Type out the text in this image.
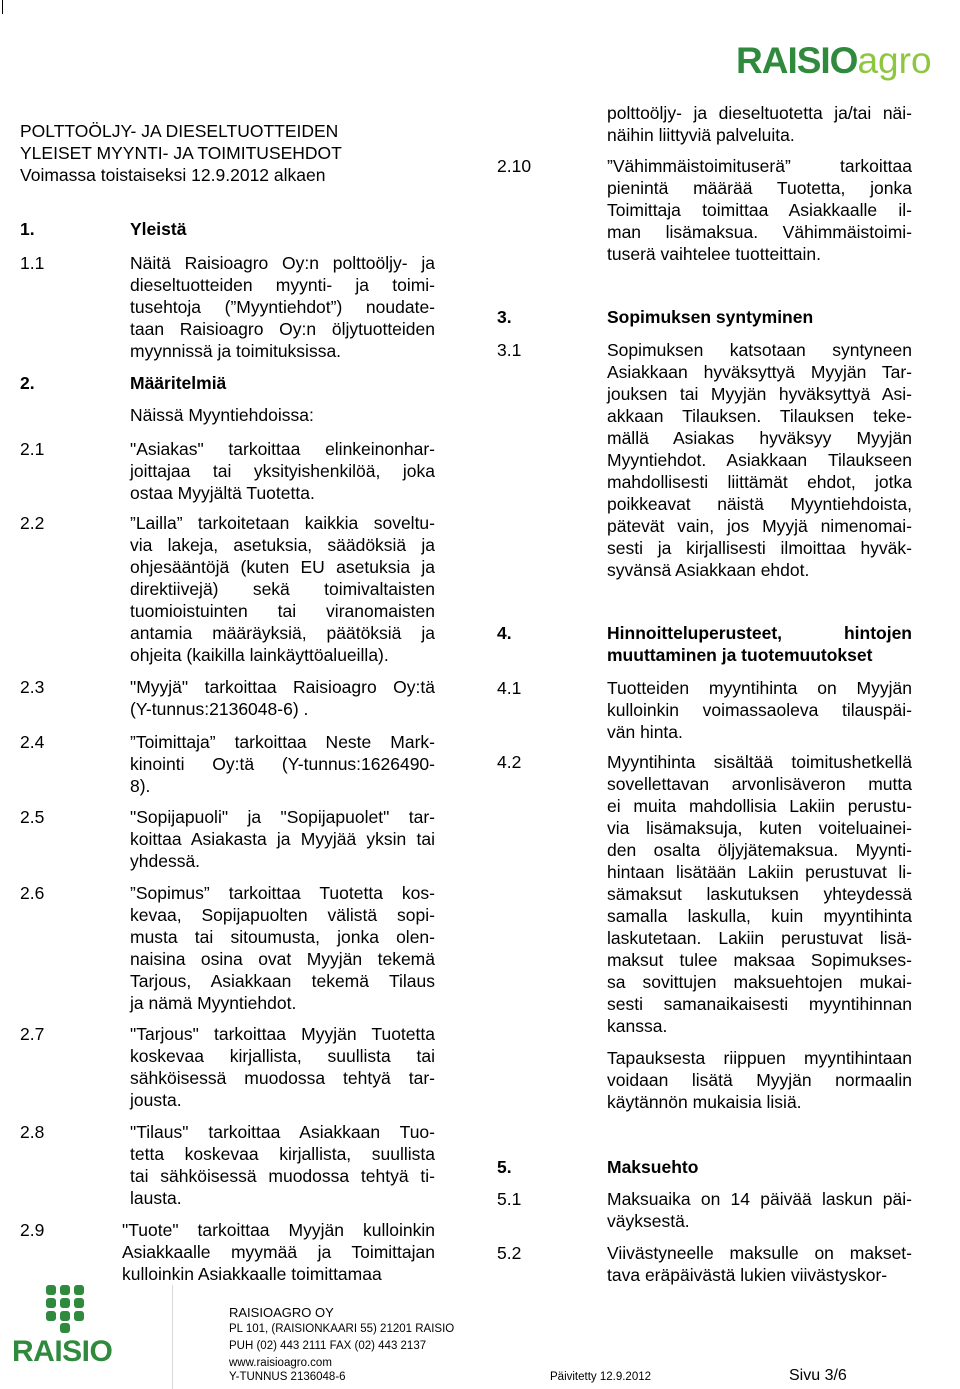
RAISIOagro
POLTTOÖLJY- JA DIESELTUOTTEIDEN
YLEISET MYYNTI- JA TOIMITUSEHDOT
Voimassa toistaiseksi 12.9.2012 alkaen
1.	Yleistä
1.1	Näitä Raisioagro Oy:n polttoöljy- ja
dieseltuotteiden myynti- ja toimi-
tusehtoja (”Myyntiehdot”) noudate-
taan Raisioagro Oy:n öljytuotteiden
myynnissä ja toimituksissa.
2.	Määritelmiä
Näissä Myyntiehdoissa:
2.1	"Asiakas" tarkoittaa elinkeinonhar-
joittajaa tai yksityishenkilöä, joka
ostaa Myyjältä Tuotetta.
2.2	”Lailla” tarkoitetaan kaikkia soveltu-
via lakeja, asetuksia, säädöksiä ja
ohjesääntöjä (kuten EU asetuksia ja
direktiivejä) sekä toimivaltaisten
tuomioistuinten tai viranomaisten
antamia määräyksiä, päätöksiä ja
ohjeita (kaikilla lainkäyttöalueilla).
2.3	"Myyjä" tarkoittaa Raisioagro Oy:tä
(Y-tunnus:2136048-6) .
2.4	”Toimittaja” tarkoittaa Neste Mark-
kinointi Oy:tä (Y-tunnus:1626490-
8).
2.5	"Sopijapuoli" ja "Sopijapuolet" tar-
koittaa Asiakasta ja Myyjää yksin tai
yhdessä.
2.6	”Sopimus” tarkoittaa Tuotetta kos-
kevaa, Sopijapuolten välistä sopi-
musta tai sitoumusta, jonka olen-
naisina osina ovat Myyjän tekemä
Tarjous, Asiakkaan tekemä Tilaus
ja nämä Myyntiehdot.
2.7	"Tarjous" tarkoittaa Myyjän Tuotetta
koskevaa kirjallista, suullista tai
sähköisessä muodossa tehtyä tar-
jousta.
2.8	"Tilaus" tarkoittaa Asiakkaan Tuo-
tetta koskevaa kirjallista, suullista
tai sähköisessä muodossa tehtyä ti-
lausta.
2.9	"Tuote" tarkoittaa Myyjän kulloinkin
Asiakkaalle myymää ja Toimittajan
kulloinkin Asiakkaalle toimittamaa
polttoöljy- ja dieseltuotetta ja/tai näi-
näihin liittyviä palveluita.
2.10	”Vähimmäistoimituserä” tarkoittaa
pienintä määrää Tuotetta, jonka
Toimittaja toimittaa Asiakkaalle il-
man lisämaksua. Vähimmäistoimi-
tuserä vaihtelee tuotteittain.
3.	Sopimuksen syntyminen
3.1	Sopimuksen katsotaan syntyneen
Asiakkaan hyväksyttyä Myyjän Tar-
jouksen tai Myyjän hyväksyttyä Asi-
akkaan Tilauksen. Tilauksen teke-
mällä Asiakas hyväksyy Myyjän
Myyntiehdot. Asiakkaan Tilaukseen
mahdollisesti liittämät ehdot, jotka
poikkeavat näistä Myyntiehdoista,
pätevät vain, jos Myyjä nimenomai-
sesti ja kirjallisesti ilmoittaa hyväk-
syvänsä Asiakkaan ehdot.
4.	Hinnoitteluperusteet, hintojen
muuttaminen ja tuotemuutokset
4.1	Tuotteiden myyntihinta on Myyjän
kulloinkin voimassaoleva tilauspäi-
vän hinta.
4.2	Myyntihinta sisältää toimitushetkellä
sovellettavan arvonlisäveron mutta
ei muita mahdollisia Lakiin perustu-
via lisämaksuja, kuten voiteluainei-
den osalta öljyjätemaksua. Myynti-
hintaan lisätään Lakiin perustuvat li-
sämaksut laskutuksen yhteydessä
samalla laskulla, kuin myyntihinta
laskutetaan. Lakiin perustuvat lisä-
maksut tulee maksaa Sopimukses-
sa sovittujen maksuehtojen mukai-
sesti samanaikaisesti myyntihinnan
kanssa.
Tapauksesta riippuen myyntihintaan
voidaan lisätä Myyjän normaalin
käytännön mukaisia lisiä.
5.	Maksuehto
5.1	Maksuaika on 14 päivää laskun päi-
väyksestä.
5.2	Viivästyneelle maksulle on makset-
tava eräpäivästä lukien viivästyskor-
RAISIO
RAISIOAGRO OY
PL 101, (RAISIONKAARI 55) 21201 RAISIO
PUH (02) 443 2111 FAX (02) 443 2137
www.raisioagro.com
Y-TUNNUS 2136048-6	Päivitetty 12.9.2012	Sivu 3/6
